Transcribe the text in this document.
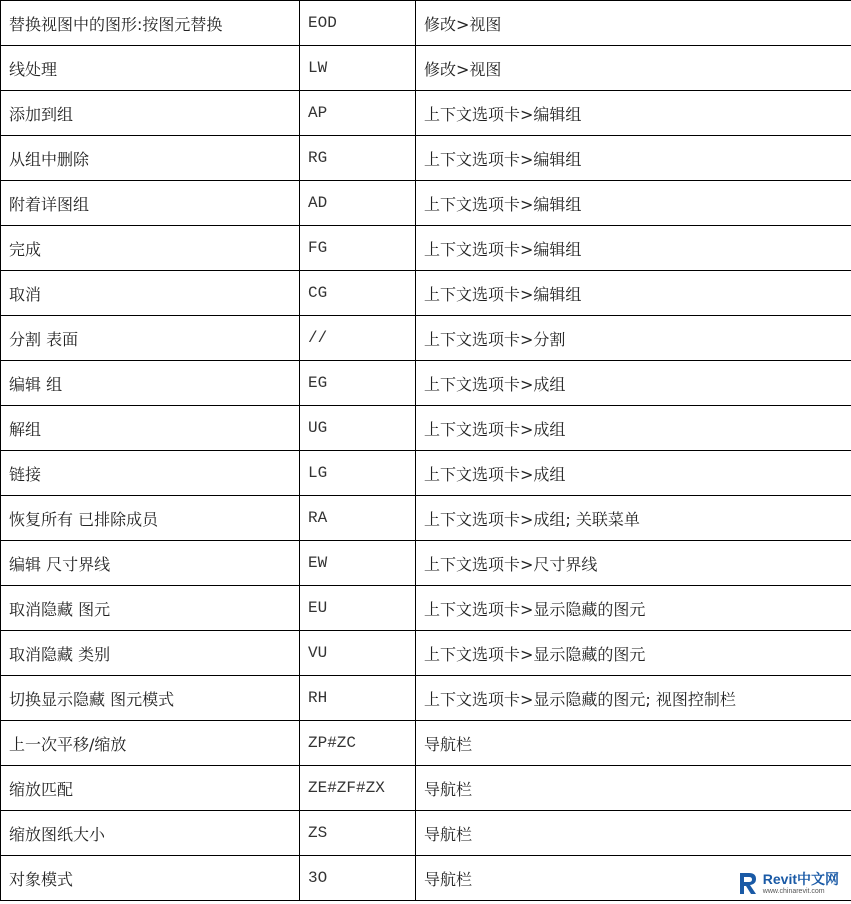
替换视图中的图形:按图元替换	EOD	修改>视图
线处理	LW	修改>视图
添加到组	AP	上下文选项卡>编辑组
从组中删除	RG	上下文选项卡>编辑组
附着详图组	AD	上下文选项卡>编辑组
完成	FG	上下文选项卡>编辑组
取消	CG	上下文选项卡>编辑组
分割 表面	//	上下文选项卡>分割
编辑 组	EG	上下文选项卡>成组
解组	UG	上下文选项卡>成组
链接	LG	上下文选项卡>成组
恢复所有 已排除成员	RA	上下文选项卡>成组; 关联菜单
编辑 尺寸界线	EW	上下文选项卡>尺寸界线
取消隐藏 图元	EU	上下文选项卡>显示隐藏的图元
取消隐藏 类别	VU	上下文选项卡>显示隐藏的图元
切换显示隐藏 图元模式	RH	上下文选项卡>显示隐藏的图元; 视图控制栏
上一次平移/缩放	ZP#ZC	导航栏
缩放匹配	ZE#ZF#ZX	导航栏
缩放图纸大小	ZS	导航栏
对象模式	3O	导航栏	Revit中文网
www.chinarevit.com
